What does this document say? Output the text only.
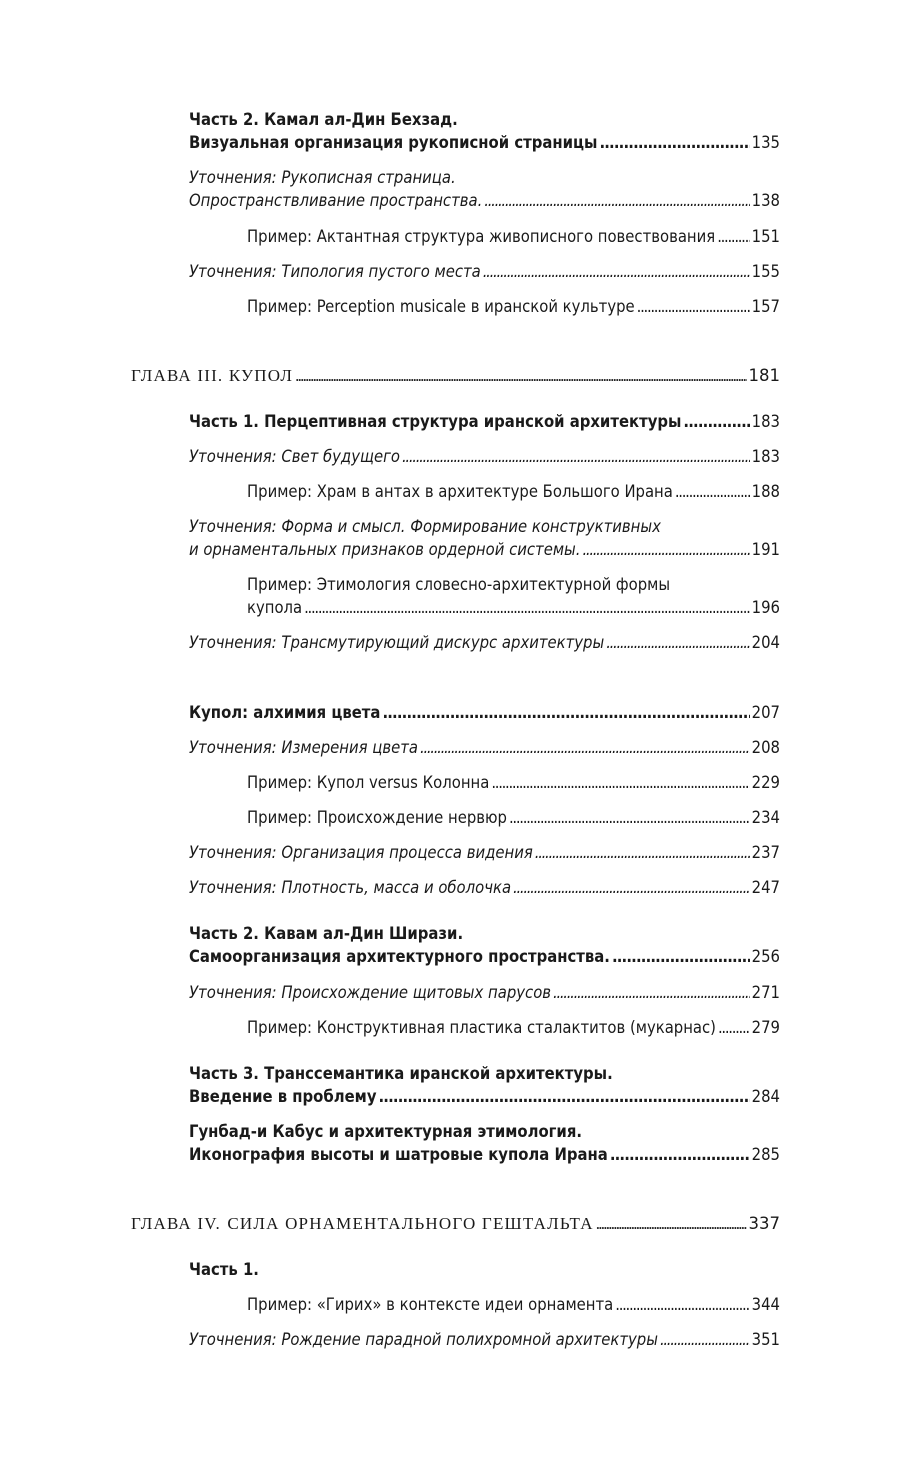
Часть 2. Камал ал-Дин Бехзад.
Визуальная организация рукописной страницы . . .	135
Уточнения: Рукописная страница.
Опространствливание пространства. . . .	138
Пример: Актантная структура живописного повествования . . . 151
Уточнения: Типология пустого места . . .	155
Пример: Perception musicale в иранской культуре . . .	157
ГЛАВА III.
КУПОЛ . . .	181
Часть 1. Перцептивная структура иранской архитектуры . . .	183
Уточнения: Свет будущего . . .	183
Пример: Храм в антах в архитектуре Большого Ирана . . .	188
Уточнения: Форма и смысл. Формирование конструктивных
и орнаментальных признаков ордерной системы. . . .	191
Пример: Этимология словесно-архитектурной формы
купола . . .	196
Уточнения: Трансмутирующий дискурс архитектуры . . .	204
Купол: алхимия цвета . . .	207
Уточнения: Измерения цвета . . .	208
Пример: Купол versus Колонна . . .	229
Пример: Происхождение нервюр . . .	234
Уточнения: Организация процесса видения . . .	237
Уточнения: Плотность, масса и оболочка . . .	247
Часть 2. Кавам ал-Дин Ширази.
Самоорганизация архитектурного пространства. . . .	256
Уточнения: Происхождение щитовых парусов . . .	271
Пример: Конструктивная пластика сталактитов (мукарнас) . . . 279
Часть 3. Транссемантика иранской архитектуры.
Введение в проблему . . .	284
Гунбад-и Кабус и архитектурная этимология.
Иконография высоты и шатровые купола Ирана . . .	285
ГЛАВА IV. СИЛА ОРНАМЕНТАЛЬНОГО ГЕШТАЛЬТА . . .	337
Часть 1.
Пример: «Гирих» в контексте идеи орнамента . . .	344
Уточнения: Рождение парадной полихромной архитектуры . . .	351
